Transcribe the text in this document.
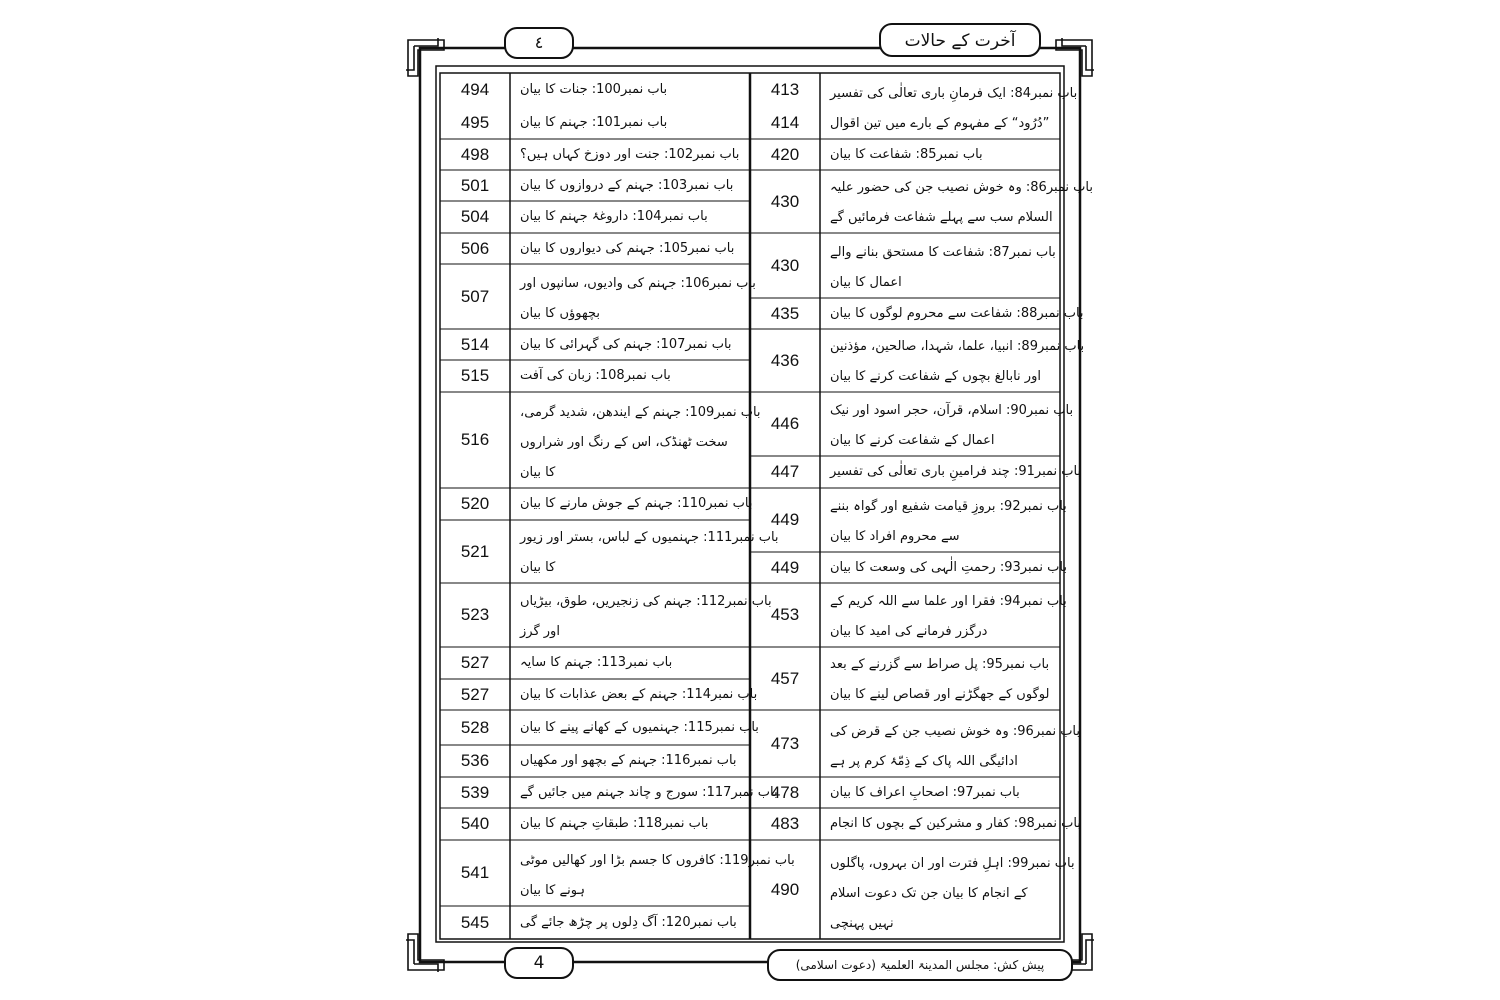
آخرت کے حالات
٤
4	پیش کش: مجلس المدینۃ العلمیۃ (دعوت اسلامی)
باب نمبر84: ایک فرمانِ باری تعالٰی کی تفسیر
”دُرُود“ کے مفہوم کے بارے میں تین اقوال
413
414
باب نمبر85: شفاعت کا بیان
420
باب نمبر86: وہ خوش نصیب جن کی حضور علیہ
السلام سب سے پہلے شفاعت فرمائیں گے
430
باب نمبر87: شفاعت کا مستحق بنانے والے
اعمال کا بیان
430
باب نمبر88: شفاعت سے محروم لوگوں کا بیان
435
باب نمبر89: انبیا، علما، شہدا، صالحین، مؤذنین
اور نابالغ بچوں کے شفاعت کرنے کا بیان
436
باب نمبر90: اسلام، قرآن، حجر اسود اور نیک
اعمال کے شفاعت کرنے کا بیان
446
باب نمبر91: چند فرامینِ باری تعالٰی کی تفسیر
447
باب نمبر92: بروزِ قیامت شفیع اور گواہ بننے
سے محروم افراد کا بیان
449
باب نمبر93: رحمتِ الٰہی کی وسعت کا بیان
449
باب نمبر94: فقرا اور علما سے اللہ کریم کے
درگزر فرمانے کی امید کا بیان
453
باب نمبر95: پل صراط سے گزرنے کے بعد
لوگوں کے جھگڑنے اور قصاص لینے کا بیان
457
باب نمبر96: وہ خوش نصیب جن کے قرض کی
ادائیگی اللہ پاک کے ذِمّۂ کرم پر ہے
473
باب نمبر97: اصحابِ اعراف کا بیان
478
باب نمبر98: کفار و مشرکین کے بچوں کا انجام
483
باب نمبر99: اہلِ فترت اور ان بہروں، پاگلوں
کے انجام کا بیان جن تک دعوت اسلام
نہیں پہنچی
490
باب نمبر100: جنات کا بیان
494
باب نمبر101: جہنم کا بیان
495
باب نمبر102: جنت اور دوزخ کہاں ہیں؟
498
باب نمبر103: جہنم کے دروازوں کا بیان
501
باب نمبر104: داروغۂ جہنم کا بیان
504
باب نمبر105: جہنم کی دیواروں کا بیان
506
باب نمبر106: جہنم کی وادیوں، سانپوں اور
بچھوؤں کا بیان
507
باب نمبر107: جہنم کی گہرائی کا بیان
514
باب نمبر108: زبان کی آفت
515
باب نمبر109: جہنم کے ایندھن، شدید گرمی،
سخت ٹھنڈک، اس کے رنگ اور شراروں
کا بیان
516
باب نمبر110: جہنم کے جوش مارنے کا بیان
520
باب نمبر111: جہنمیوں کے لباس، بستر اور زیور
کا بیان
521
باب نمبر112: جہنم کی زنجیریں، طوق، بیڑیاں
اور گرز
523
باب نمبر113: جہنم کا سایہ
527
باب نمبر114: جہنم کے بعض عذابات کا بیان
527
باب نمبر115: جہنمیوں کے کھانے پینے کا بیان
528
باب نمبر116: جہنم کے بچھو اور مکھیاں
536
باب نمبر117: سورج و چاند جہنم میں جائیں گے
539
باب نمبر118: طبقاتِ جہنم کا بیان
540
باب نمبر119: کافروں کا جسم بڑا اور کھالیں موٹی
ہونے کا بیان
541
باب نمبر120: آگ دِلوں پر چڑھ جائے گی
545
